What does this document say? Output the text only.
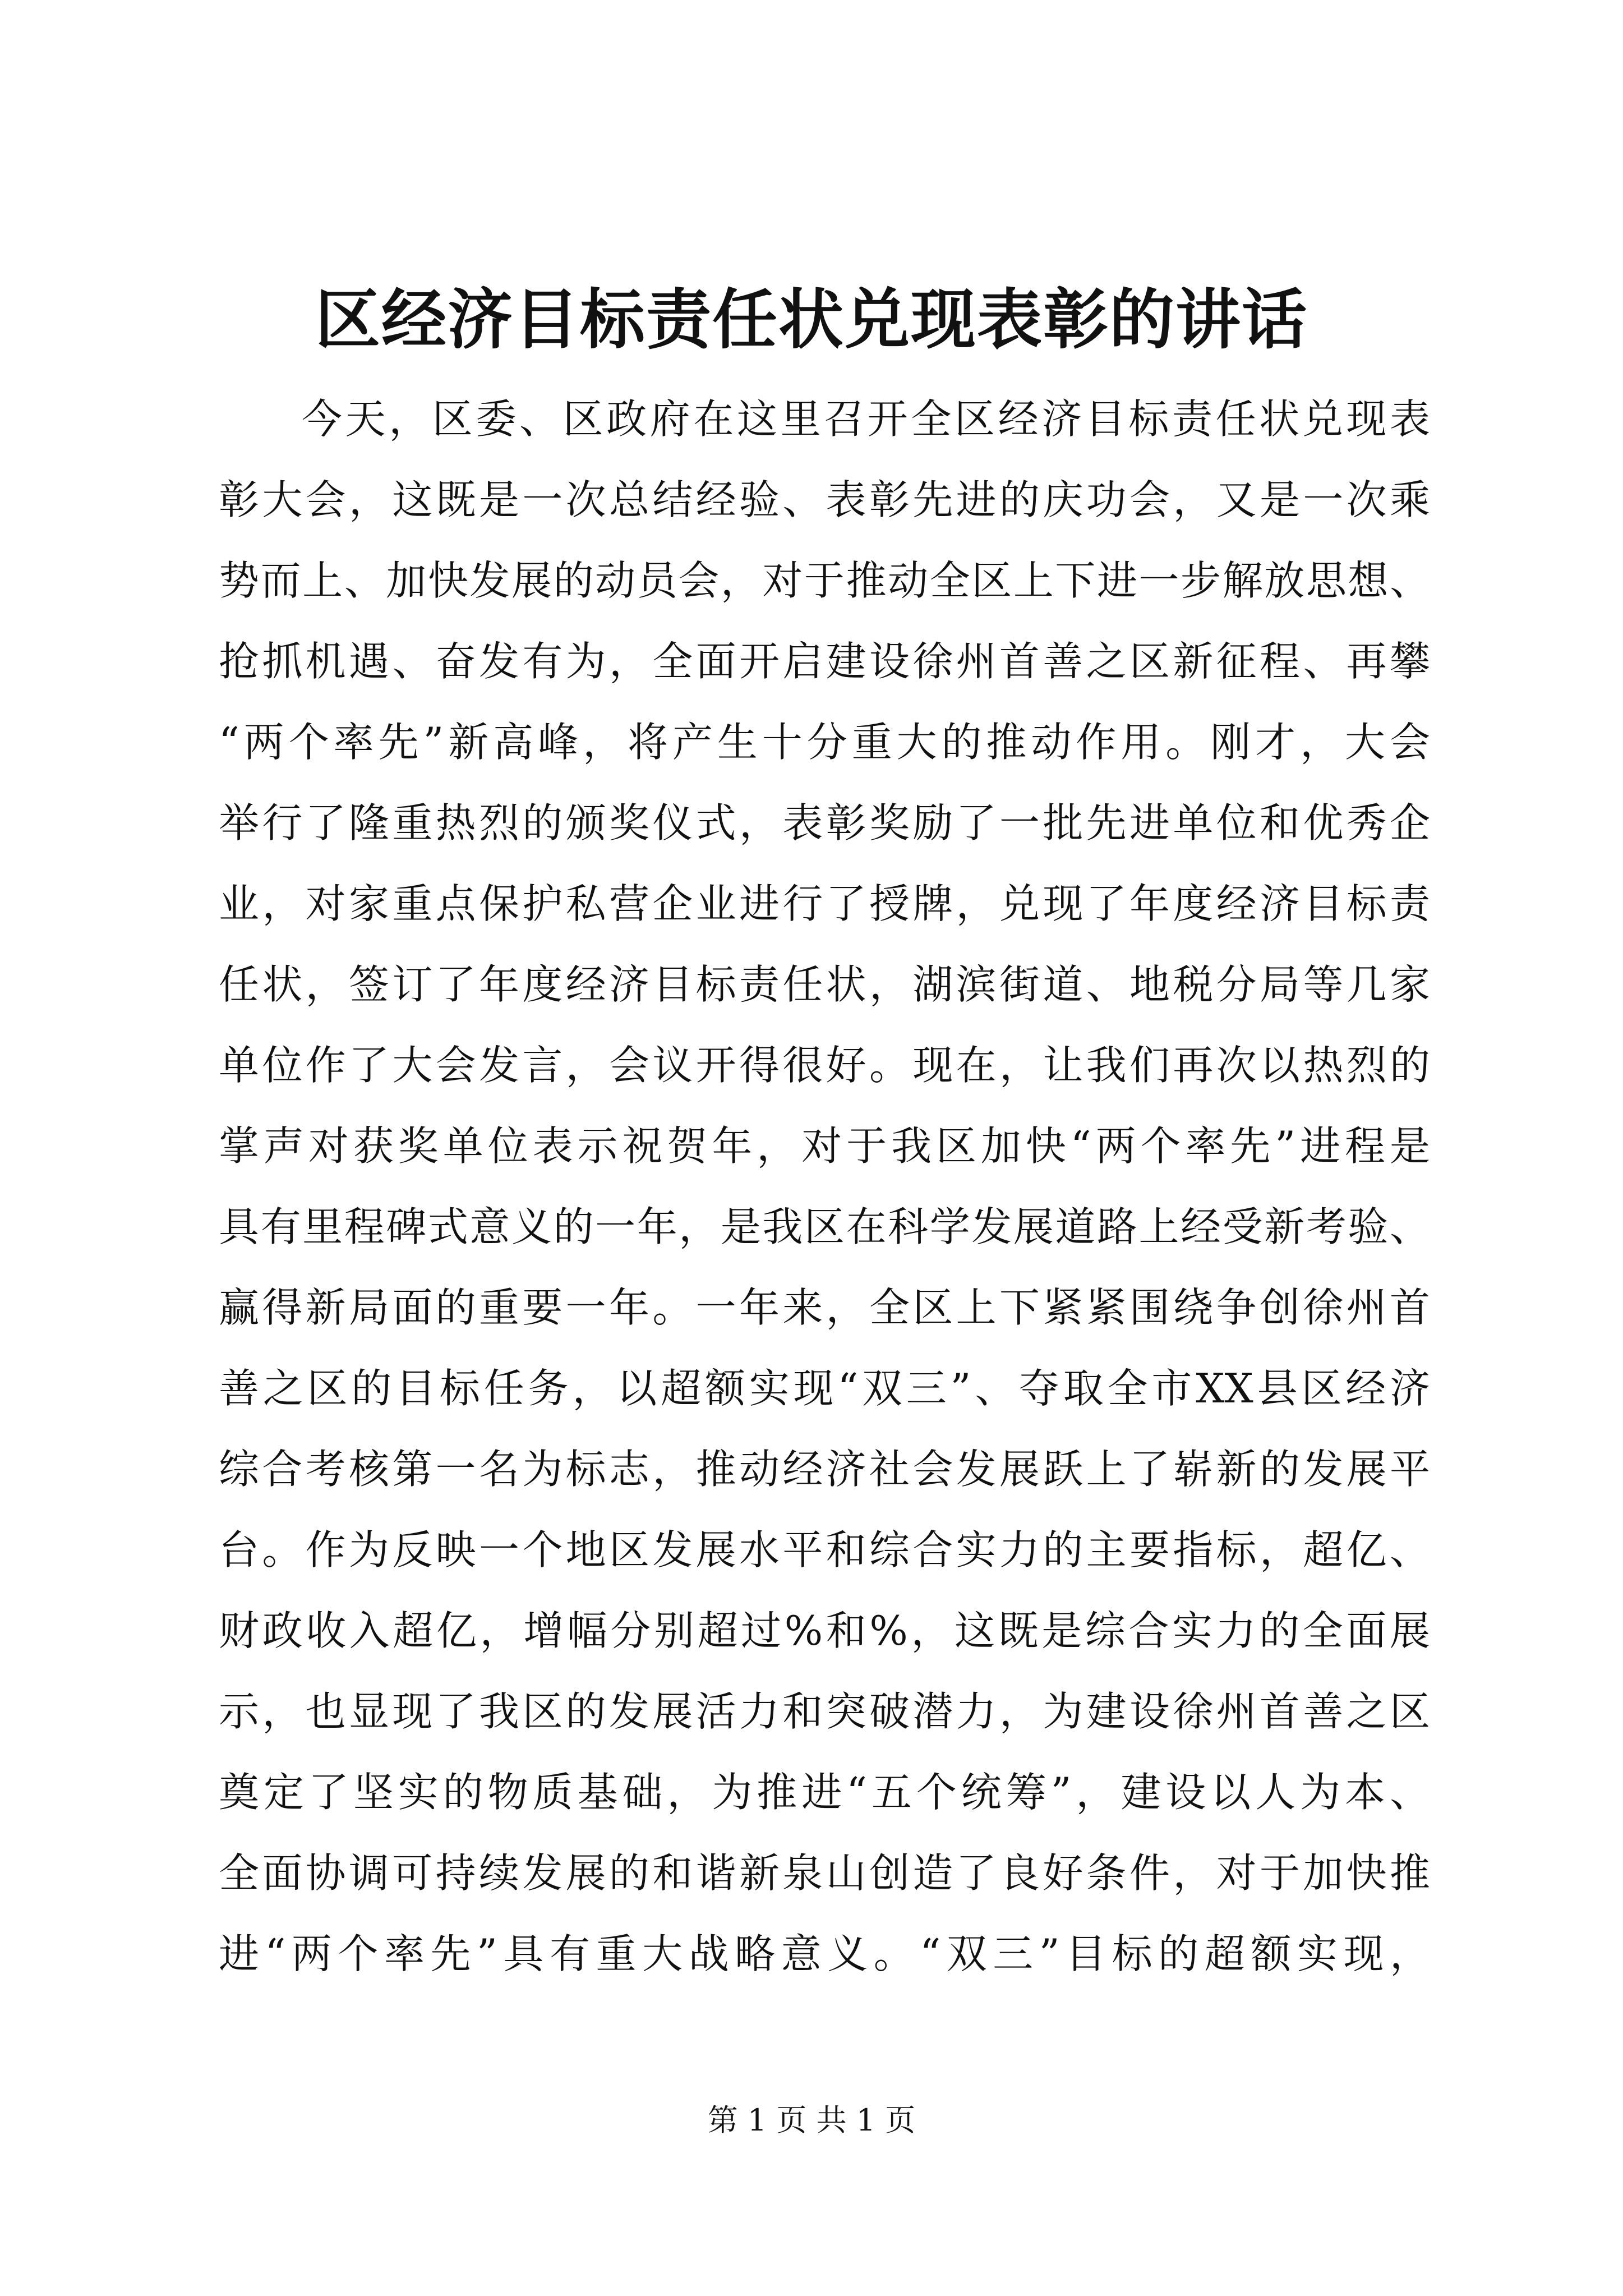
区经济目标责任状兑现表彰的讲话
今天，区委、区政府在这里召开全区经济目标责任状兑现表
彰大会，这既是一次总结经验、表彰先进的庆功会，又是一次乘
势而上、加快发展的动员会，对于推动全区上下进一步解放思想、
抢抓机遇、奋发有为，全面开启建设徐州首善之区新征程、再攀
“两个率先”新高峰，将产生十分重大的推动作用。刚才，大会
举行了隆重热烈的颁奖仪式，表彰奖励了一批先进单位和优秀企
业，对家重点保护私营企业进行了授牌，兑现了年度经济目标责
任状，签订了年度经济目标责任状，湖滨街道、地税分局等几家
单位作了大会发言，会议开得很好。现在，让我们再次以热烈的
掌声对获奖单位表示祝贺年，对于我区加快“两个率先”进程是
具有里程碑式意义的一年，是我区在科学发展道路上经受新考验、
赢得新局面的重要一年。一年来，全区上下紧紧围绕争创徐州首
善之区的目标任务，以超额实现“双三”、夺取全市XX县区经济
综合考核第一名为标志，推动经济社会发展跃上了崭新的发展平
台。作为反映一个地区发展水平和综合实力的主要指标，超亿、
财政收入超亿，增幅分别超过%和%，这既是综合实力的全面展
示，也显现了我区的发展活力和突破潜力，为建设徐州首善之区
奠定了坚实的物质基础，为推进“五个统筹”，建设以人为本、
全面协调可持续发展的和谐新泉山创造了良好条件，对于加快推
进“两个率先”具有重大战略意义。“双三”目标的超额实现，
第 1 页 共 1 页
